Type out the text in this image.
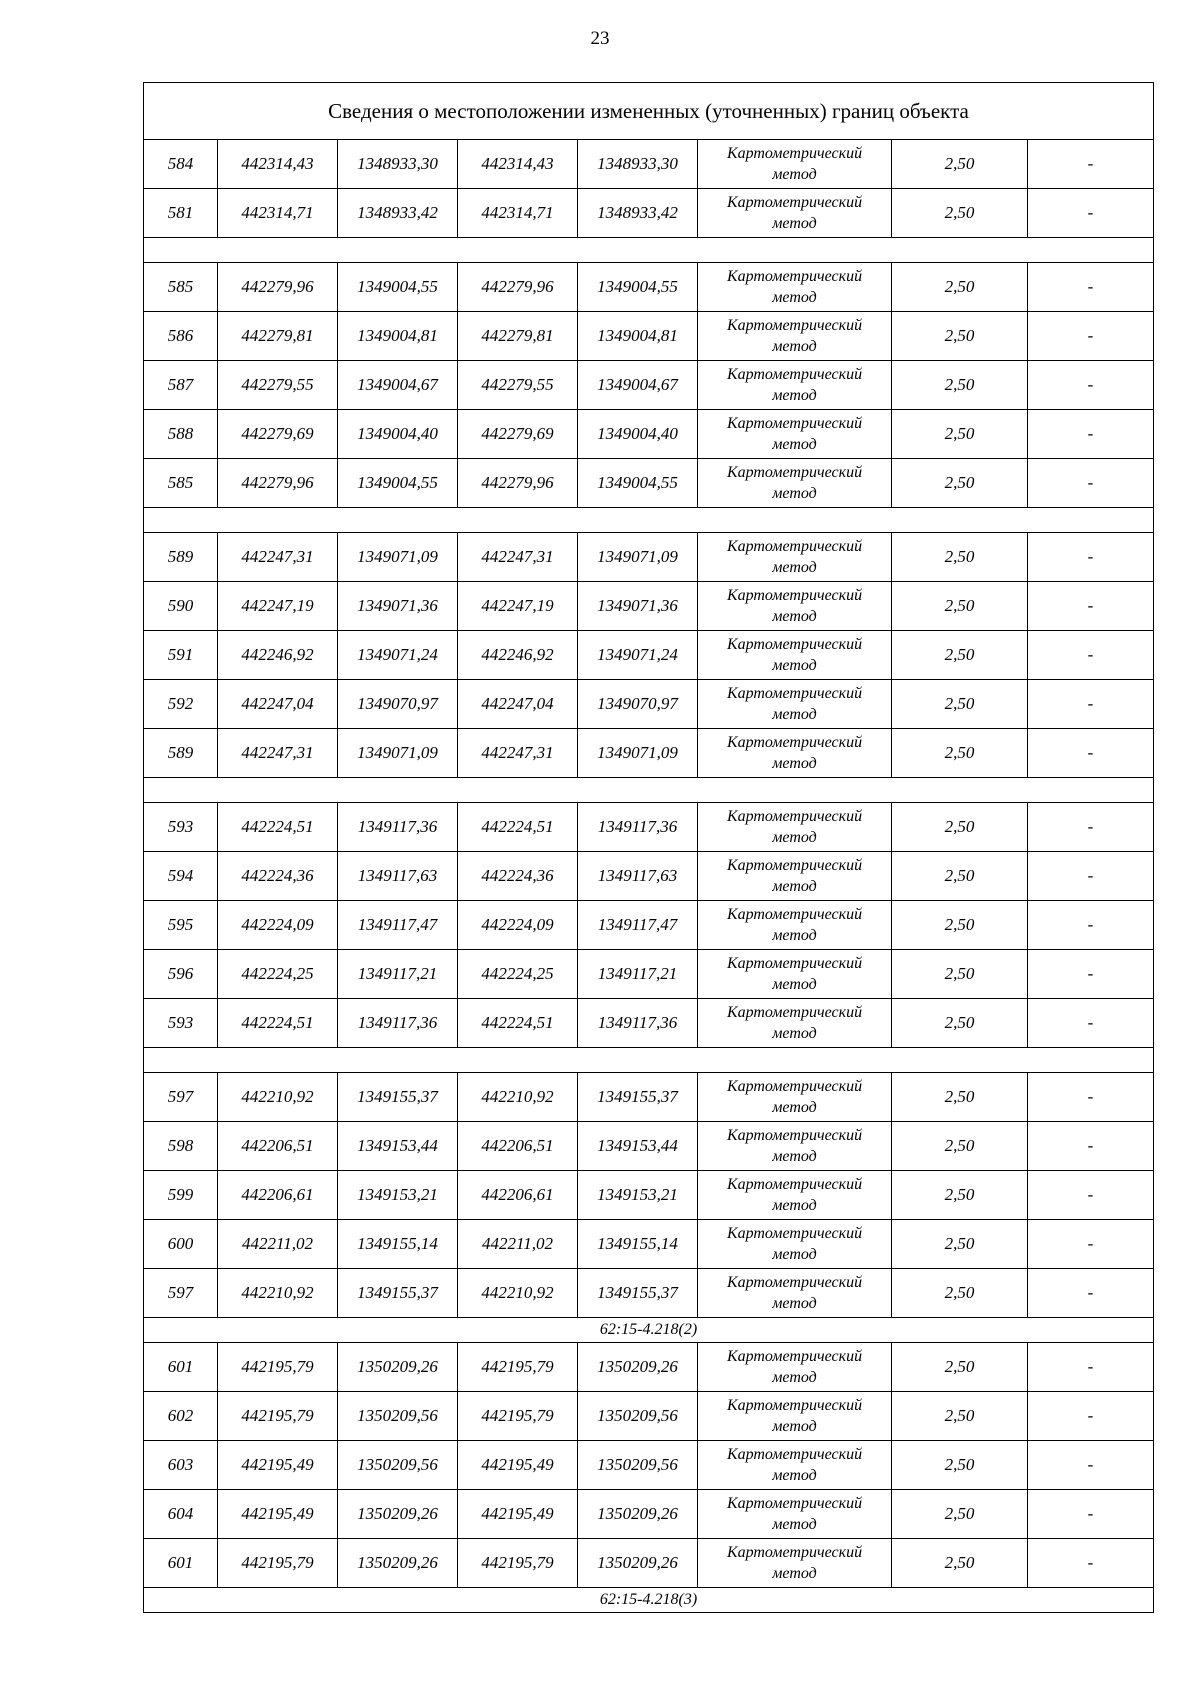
23
Сведения о местоположении измененных (уточненных) границ объекта							
584	442314,43	1348933,30	442314,43	1348933,30	Картометрический
метод	2,50	-
581	442314,71	1348933,42	442314,71	1348933,42	Картометрический
метод	2,50	-

585	442279,96	1349004,55	442279,96	1349004,55	Картометрический
метод	2,50	-
586	442279,81	1349004,81	442279,81	1349004,81	Картометрический
метод	2,50	-
587	442279,55	1349004,67	442279,55	1349004,67	Картометрический
метод	2,50	-
588	442279,69	1349004,40	442279,69	1349004,40	Картометрический
метод	2,50	-
585	442279,96	1349004,55	442279,96	1349004,55	Картометрический
метод	2,50	-

589	442247,31	1349071,09	442247,31	1349071,09	Картометрический
метод	2,50	-
590	442247,19	1349071,36	442247,19	1349071,36	Картометрический
метод	2,50	-
591	442246,92	1349071,24	442246,92	1349071,24	Картометрический
метод	2,50	-
592	442247,04	1349070,97	442247,04	1349070,97	Картометрический
метод	2,50	-
589	442247,31	1349071,09	442247,31	1349071,09	Картометрический
метод	2,50	-

593	442224,51	1349117,36	442224,51	1349117,36	Картометрический
метод	2,50	-
594	442224,36	1349117,63	442224,36	1349117,63	Картометрический
метод	2,50	-
595	442224,09	1349117,47	442224,09	1349117,47	Картометрический
метод	2,50	-
596	442224,25	1349117,21	442224,25	1349117,21	Картометрический
метод	2,50	-
593	442224,51	1349117,36	442224,51	1349117,36	Картометрический
метод	2,50	-

597	442210,92	1349155,37	442210,92	1349155,37	Картометрический
метод	2,50	-
598	442206,51	1349153,44	442206,51	1349153,44	Картометрический
метод	2,50	-
599	442206,61	1349153,21	442206,61	1349153,21	Картометрический
метод	2,50	-
600	442211,02	1349155,14	442211,02	1349155,14	Картометрический
метод	2,50	-
597	442210,92	1349155,37	442210,92	1349155,37	Картометрический
метод	2,50	-
62:15-4.218(2)							
601	442195,79	1350209,26	442195,79	1350209,26	Картометрический
метод	2,50	-
602	442195,79	1350209,56	442195,79	1350209,56	Картометрический
метод	2,50	-
603	442195,49	1350209,56	442195,49	1350209,56	Картометрический
метод	2,50	-
604	442195,49	1350209,26	442195,49	1350209,26	Картометрический
метод	2,50	-
601	442195,79	1350209,26	442195,79	1350209,26	Картометрический
метод	2,50	-
62:15-4.218(3)							
